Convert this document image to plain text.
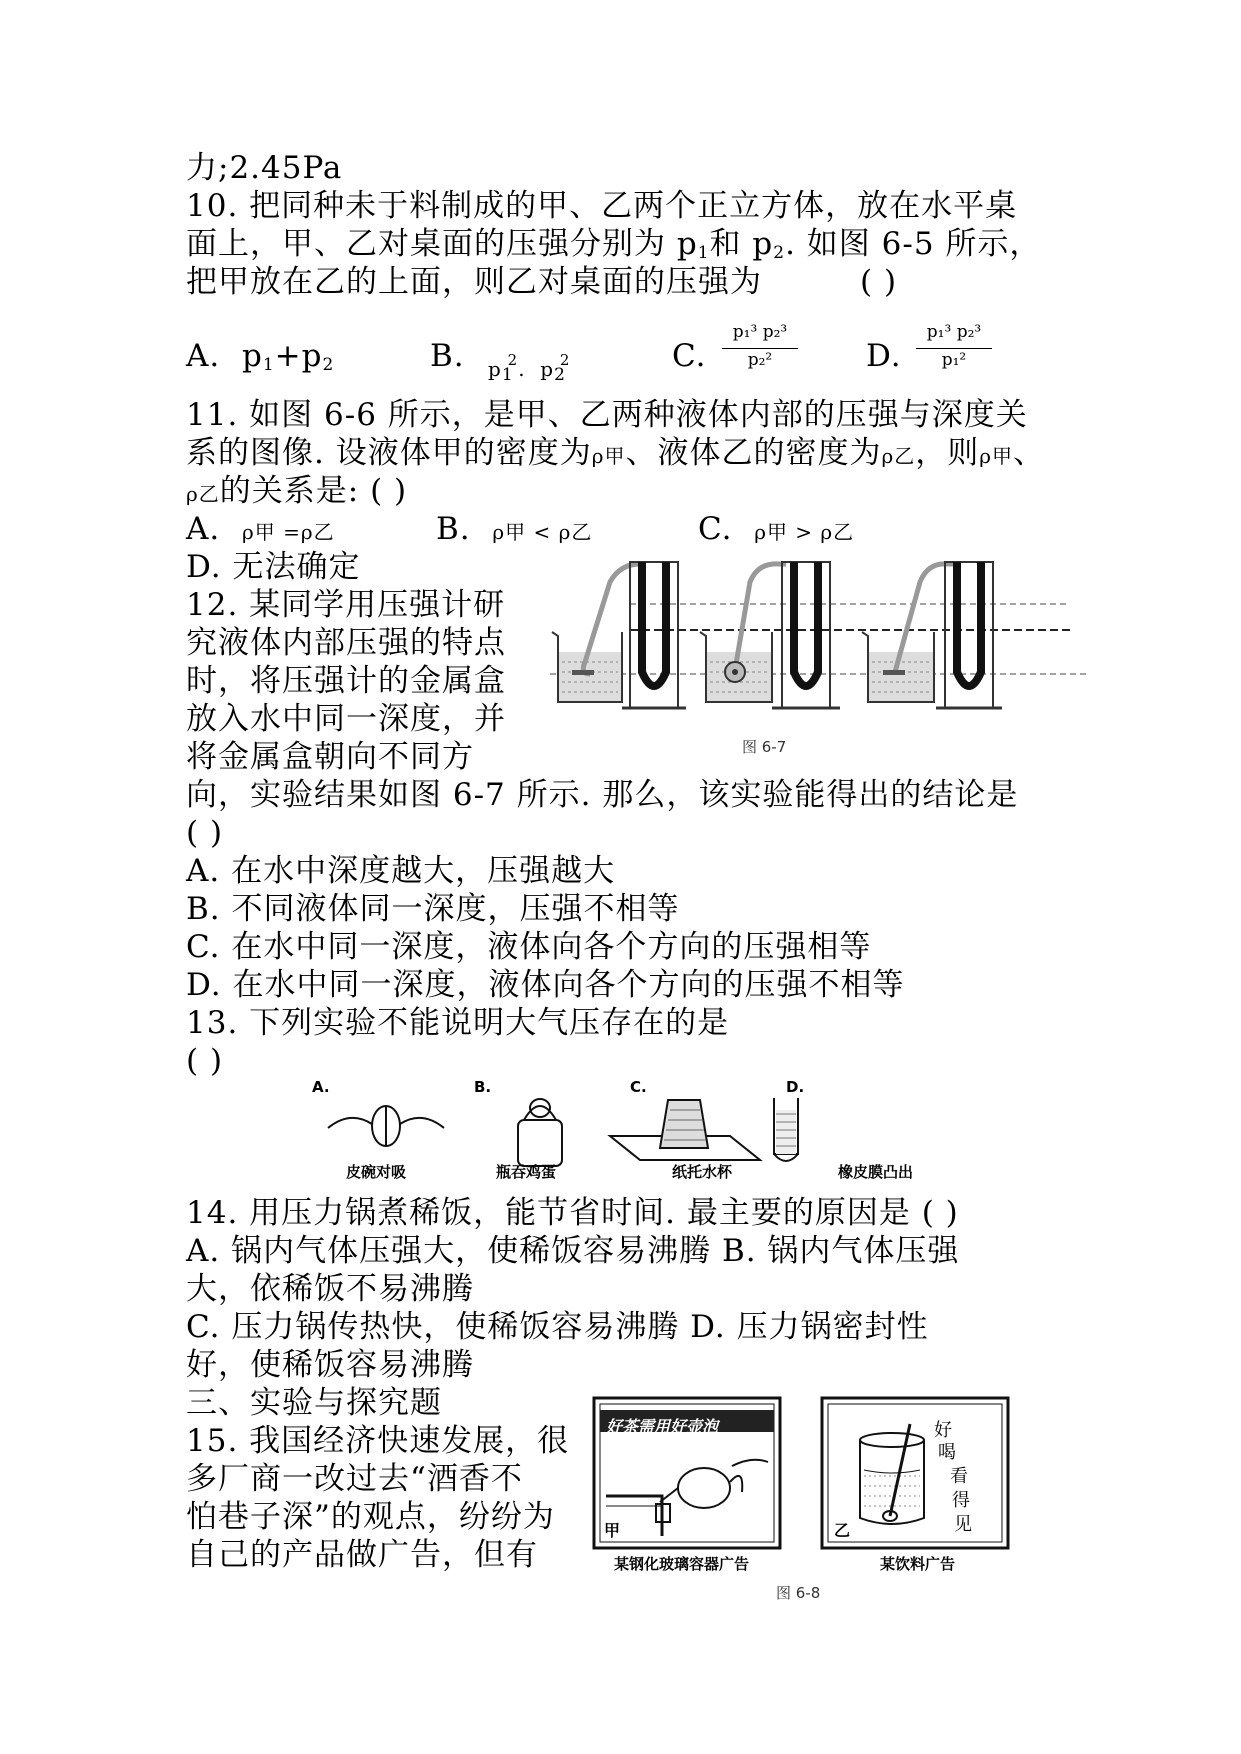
力;2.45Pa
10. 把同种未于料制成的甲、乙两个正立方体，放在水平桌
面上，甲、乙对桌面的压强分别为 $p_1$和 $p_2$. 如图 6-5 所示，
把甲放在乙的上面，则乙对桌面的压强为	( )
A. $p_1+p_2$	B. $p_1^2$. $p_2^2$	C.
p₁³ p₂³
p₂²	D.
p₁³ p₂³
p₁²
11. 如图 6-6 所示，是甲、乙两种液体内部的压强与深度关
系的图像. 设液体甲的密度为ρ甲、液体乙的密度为ρ乙，则ρ甲、
ρ乙的关系是: ( )
A. ρ甲 =ρ乙	B. ρ甲 < ρ乙	C. ρ甲 > ρ乙
D. 无法确定
12. 某同学用压强计研
究液体内部压强的特点
时，将压强计的金属盒
放入水中同一深度，并
将金属盒朝向不同方	图 6-7
向，实验结果如图 6-7 所示. 那么，该实验能得出的结论是
( )
A. 在水中深度越大，压强越大
B. 不同液体同一深度，压强不相等
C. 在水中同一深度，液体向各个方向的压强相等
D. 在水中同一深度，液体向各个方向的压强不相等
13. 下列实验不能说明大气压存在的是
( )
A.	B.	C.	D.
皮碗对吸	瓶吞鸡蛋	纸托水杯	橡皮膜凸出
14. 用压力锅煮稀饭，能节省时间. 最主要的原因是 ( )
A. 锅内气体压强大，使稀饭容易沸腾 B. 锅内气体压强
大，依稀饭不易沸腾
C. 压力锅传热快，使稀饭容易沸腾 D. 压力锅密封性
好，使稀饭容易沸腾
三、实验与探究题
15. 我国经济快速发展，很
多厂商一改过去“酒香不
怕巷子深”的观点，纷纷为
自己的产品做广告，但有
好茶需用好壶泡
甲
某钢化玻璃容器广告
好
喝
看
得
见
乙
某饮料广告
图 6-8
